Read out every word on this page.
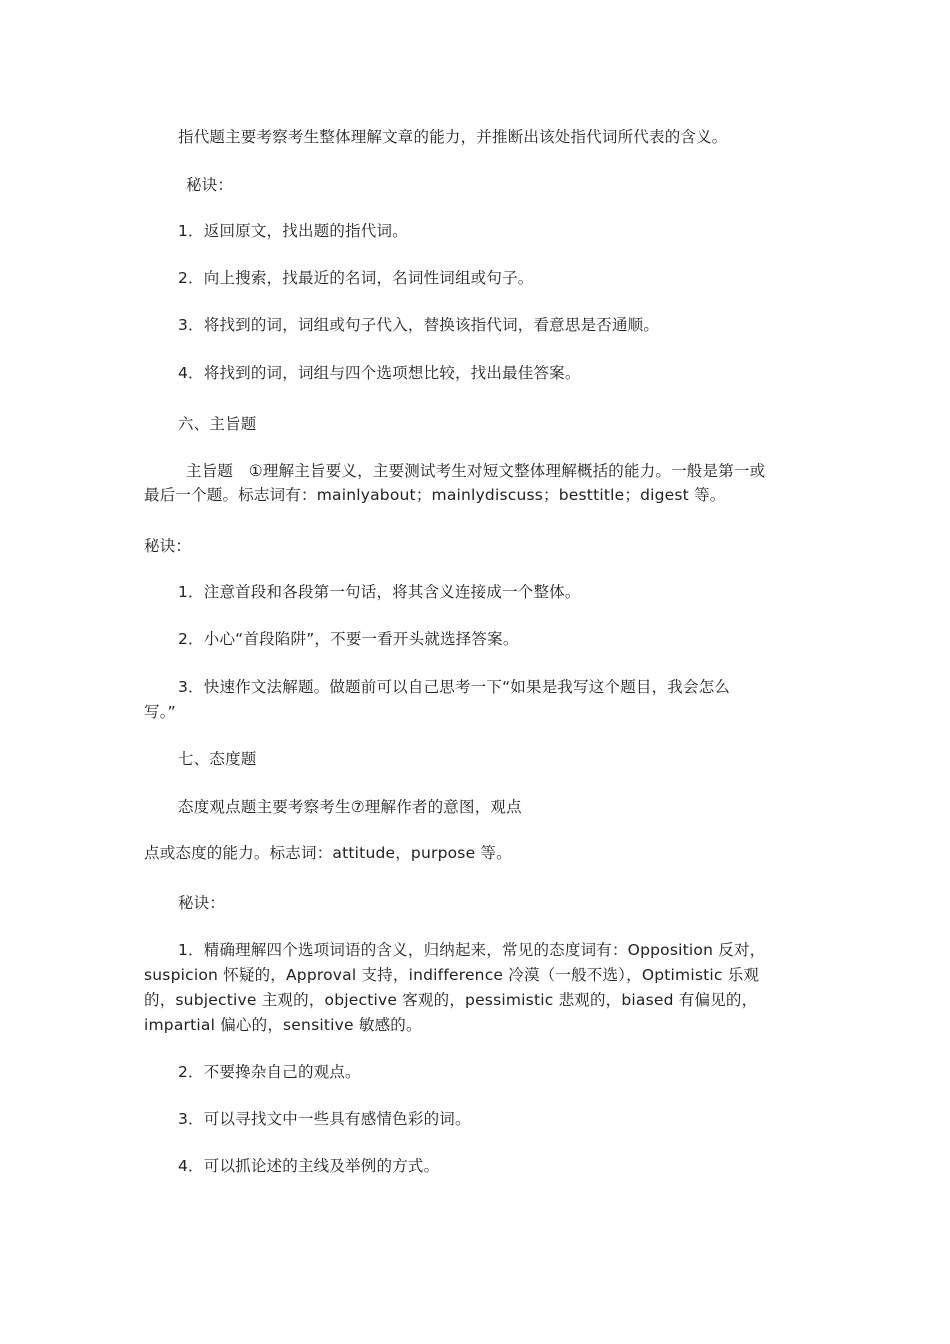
指代题主要考察考生整体理解文章的能力，并推断出该处指代词所代表的含义。
秘诀：
1．返回原文，找出题的指代词。
2．向上搜索，找最近的名词，名词性词组或句子。
3．将找到的词，词组或句子代入，替换该指代词，看意思是否通顺。
4．将找到的词，词组与四个选项想比较，找出最佳答案。
六、主旨题
主旨题　①理解主旨要义，主要测试考生对短文整体理解概括的能力。一般是第一或
最后一个题。标志词有：mainlyabout；mainlydiscuss；besttitle；digest 等。
秘诀：
1．注意首段和各段第一句话，将其含义连接成一个整体。
2．小心“首段陷阱”，不要一看开头就选择答案。
3．快速作文法解题。做题前可以自己思考一下“如果是我写这个题目，我会怎么
写。”
七、态度题
态度观点题主要考察考生⑦理解作者的意图，观点
点或态度的能力。标志词：attitude，purpose 等。
秘诀：
1．精确理解四个选项词语的含义，归纳起来，常见的态度词有：Opposition 反对，
suspicion 怀疑的，Approval 支持，indifference 冷漠（一般不选），Optimistic 乐观
的，subjective 主观的，objective 客观的，pessimistic 悲观的，biased 有偏见的，
impartial 偏心的，sensitive 敏感的。
2．不要搀杂自己的观点。
3．可以寻找文中一些具有感情色彩的词。
4．可以抓论述的主线及举例的方式。
